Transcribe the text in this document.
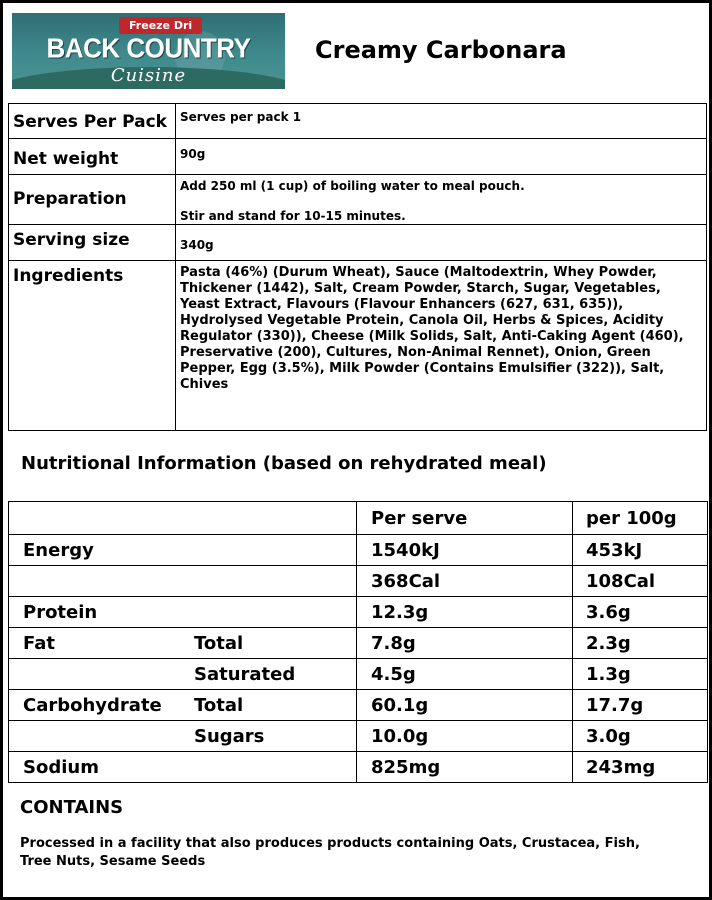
Freeze Dri
BACK COUNTRY
Cuisine
Creamy Carbonara
Serves Per Pack	Serves per pack 1
Net weight	90g
Preparation	Add 250 ml (1 cup) of boiling water to meal pouch.
Stir and stand for 10-15 minutes.

Serving size	340g
Ingredients	Pasta (46%) (Durum Wheat), Sauce (Maltodextrin, Whey Powder, Thickener (1442), Salt, Cream Powder, Starch, Sugar, Vegetables, Yeast Extract, Flavours (Flavour Enhancers (627, 631, 635)), Hydrolysed Vegetable Protein, Canola Oil, Herbs & Spices, Acidity Regulator (330)), Cheese (Milk Solids, Salt, Anti-Caking Agent (460), Preservative (200), Cultures, Non-Animal Rennet), Onion, Green Pepper, Egg (3.5%), Milk Powder (Contains Emulsifier (322)), Salt, Chives
Nutritional Information (based on rehydrated meal)
		Per serve	per 100g
Energy		1540kJ	453kJ
		368Cal	108Cal
Protein		12.3g	3.6g
Fat	Total	7.8g	2.3g
	Saturated	4.5g	1.3g
Carbohydrate	Total	60.1g	17.7g
	Sugars	10.0g	3.0g
Sodium		825mg	243mg
CONTAINS

Processed in a facility that also produces products containing Oats, Crustacea, Fish, Tree Nuts, Sesame Seeds
